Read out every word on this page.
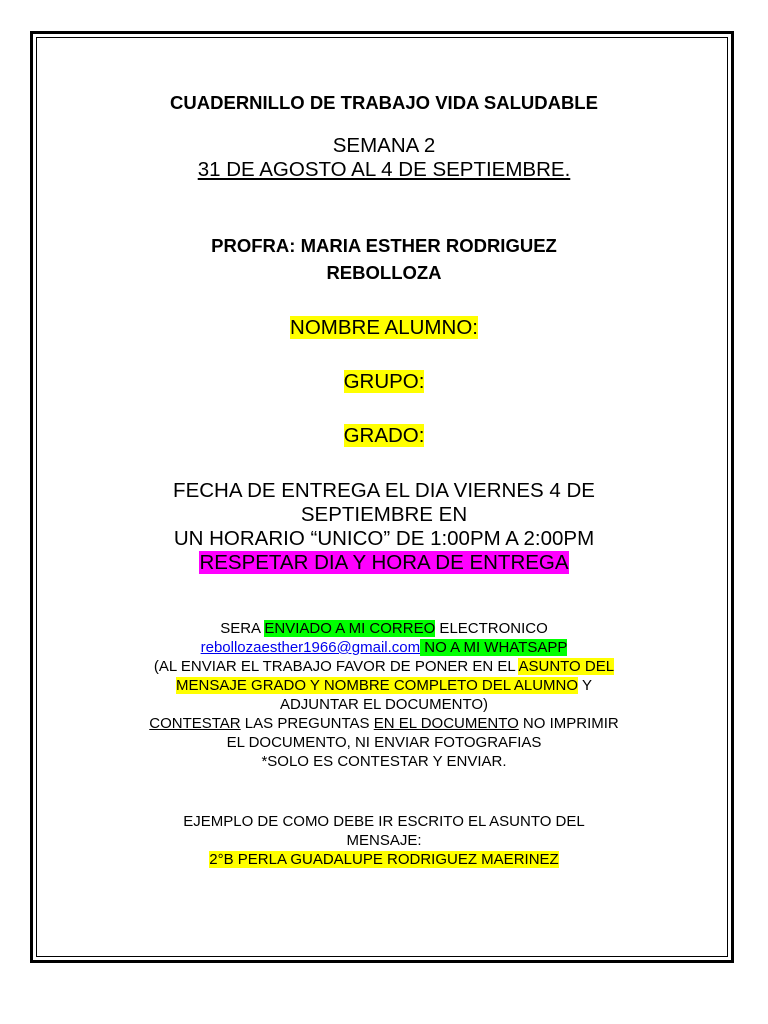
CUADERNILLO DE TRABAJO VIDA SALUDABLE
SEMANA 2
31 DE AGOSTO AL 4 DE SEPTIEMBRE.
PROFRA: MARIA ESTHER RODRIGUEZ
REBOLLOZA
NOMBRE ALUMNO:
GRUPO:
GRADO:
FECHA DE ENTREGA EL DIA VIERNES 4 DE
SEPTIEMBRE EN
UN HORARIO “UNICO” DE 1:00PM A 2:00PM
RESPETAR DIA Y HORA DE ENTREGA
SERA ENVIADO A MI CORREO ELECTRONICO
rebollozaesther1966@gmail.com NO A MI WHATSAPP
(AL ENVIAR EL TRABAJO FAVOR DE PONER EN EL ASUNTO DEL
MENSAJE GRADO Y NOMBRE COMPLETO DEL ALUMNO Y
ADJUNTAR EL DOCUMENTO)
CONTESTAR LAS PREGUNTAS EN EL DOCUMENTO NO IMPRIMIR
EL DOCUMENTO, NI ENVIAR FOTOGRAFIAS
*SOLO ES CONTESTAR Y ENVIAR.
EJEMPLO DE COMO DEBE IR ESCRITO EL ASUNTO DEL
MENSAJE:
2°B PERLA GUADALUPE RODRIGUEZ MAERINEZ
